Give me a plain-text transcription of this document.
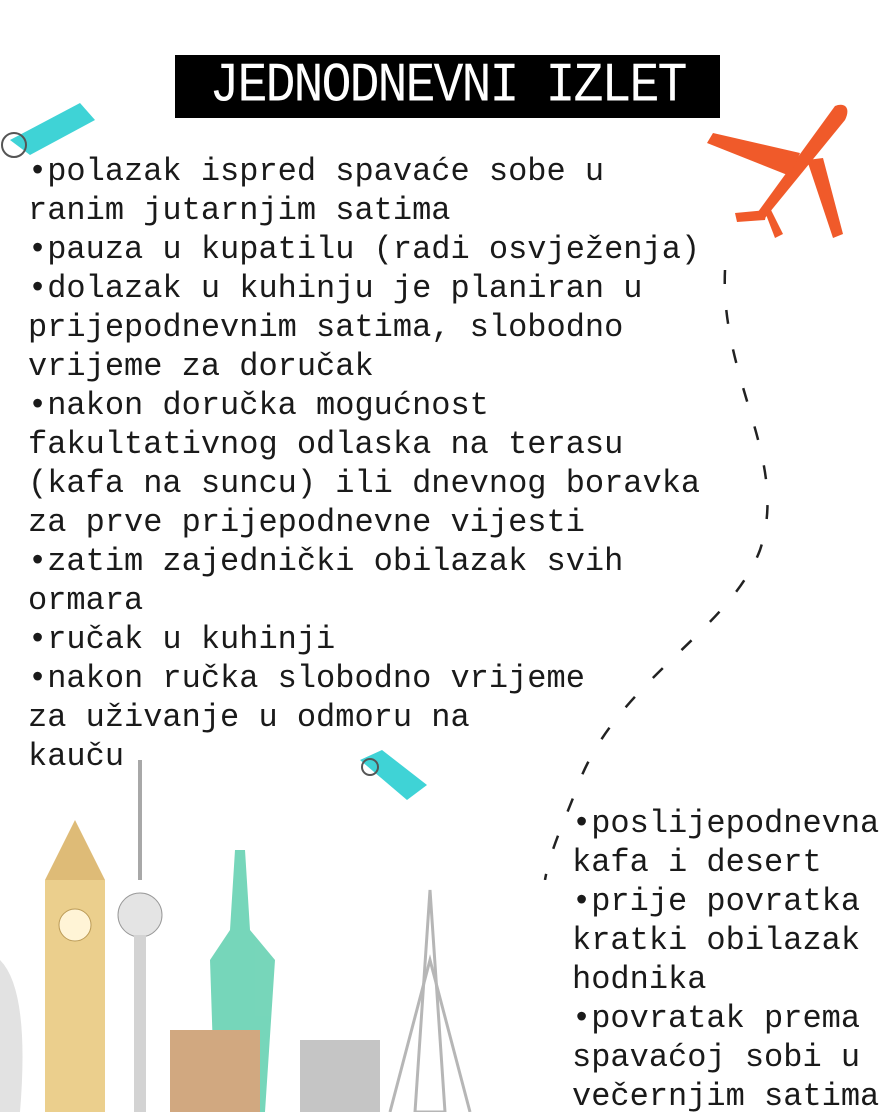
JEDNODNEVNI IZLET
•polazak ispred spavaće sobe u
ranim jutarnjim satima
•pauza u kupatilu (radi osvježenja)
•dolazak u kuhinju je planiran u
prijepodnevnim satima, slobodno
vrijeme za doručak
•nakon doručka mogućnost
fakultativnog odlaska na terasu
(kafa na suncu) ili dnevnog boravka
za prve prijepodnevne vijesti
•zatim zajednički obilazak svih
ormara
•ručak u kuhinji
•nakon ručka slobodno vrijeme
za uživanje u odmoru na
kauču
•poslijepodnevna
kafa i desert
•prije povratka
kratki obilazak
hodnika
•povratak prema
spavaćoj sobi u
večernjim satima
